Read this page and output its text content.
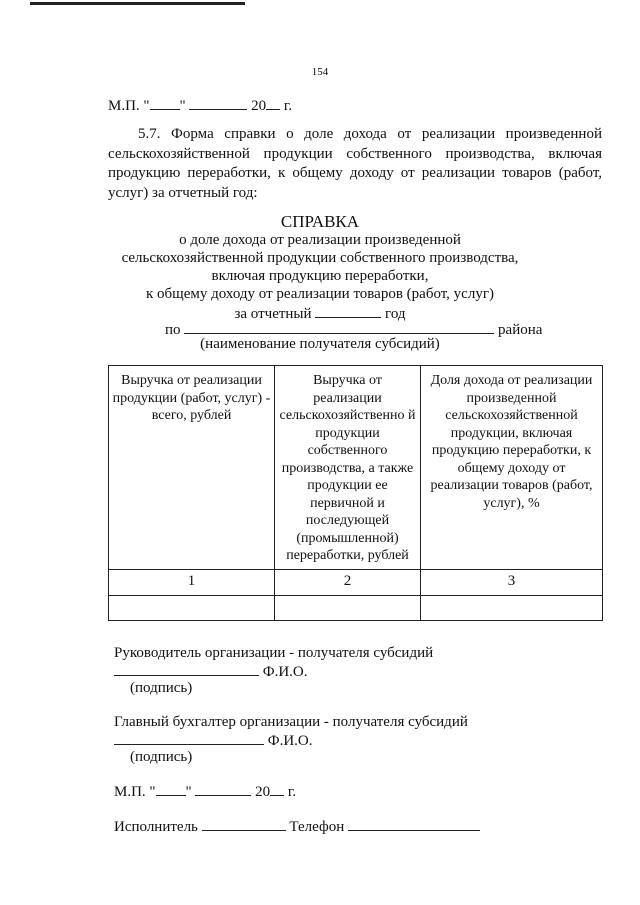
154
М.П. " "	20 г.
5.7. Форма справки о доле дохода от реализации произведенной
сельскохозяйственной продукции собственного производства, включая
продукцию переработки, к общему доходу от реализации товаров (работ,
услуг) за отчетный год:
СПРАВКА
о доле дохода от реализации произведенной
сельскохозяйственной продукции собственного производства,
включая продукцию переработки,
к общему доходу от реализации товаров (работ, услуг)
за отчетный	год
по	района
(наименование получателя субсидий)
Выручка от реализации продукции (работ, услуг) - всего, рублей	Выручка от реализации сельскохозяйственно й продукции собственного производства, а также продукции ее первичной и последующей (промышленной) переработки, рублей	Доля дохода от реализации произведенной сельскохозяйственной продукции, включая продукцию переработки, к общему доходу от реализации товаров (работ, услуг), %
1	2	3

Руководитель организации - получателя субсидий
Ф.И.О.
(подпись)
Главный бухгалтер организации - получателя субсидий
Ф.И.О.
(подпись)
М.П. " "	20 г.
Исполнитель	Телефон
